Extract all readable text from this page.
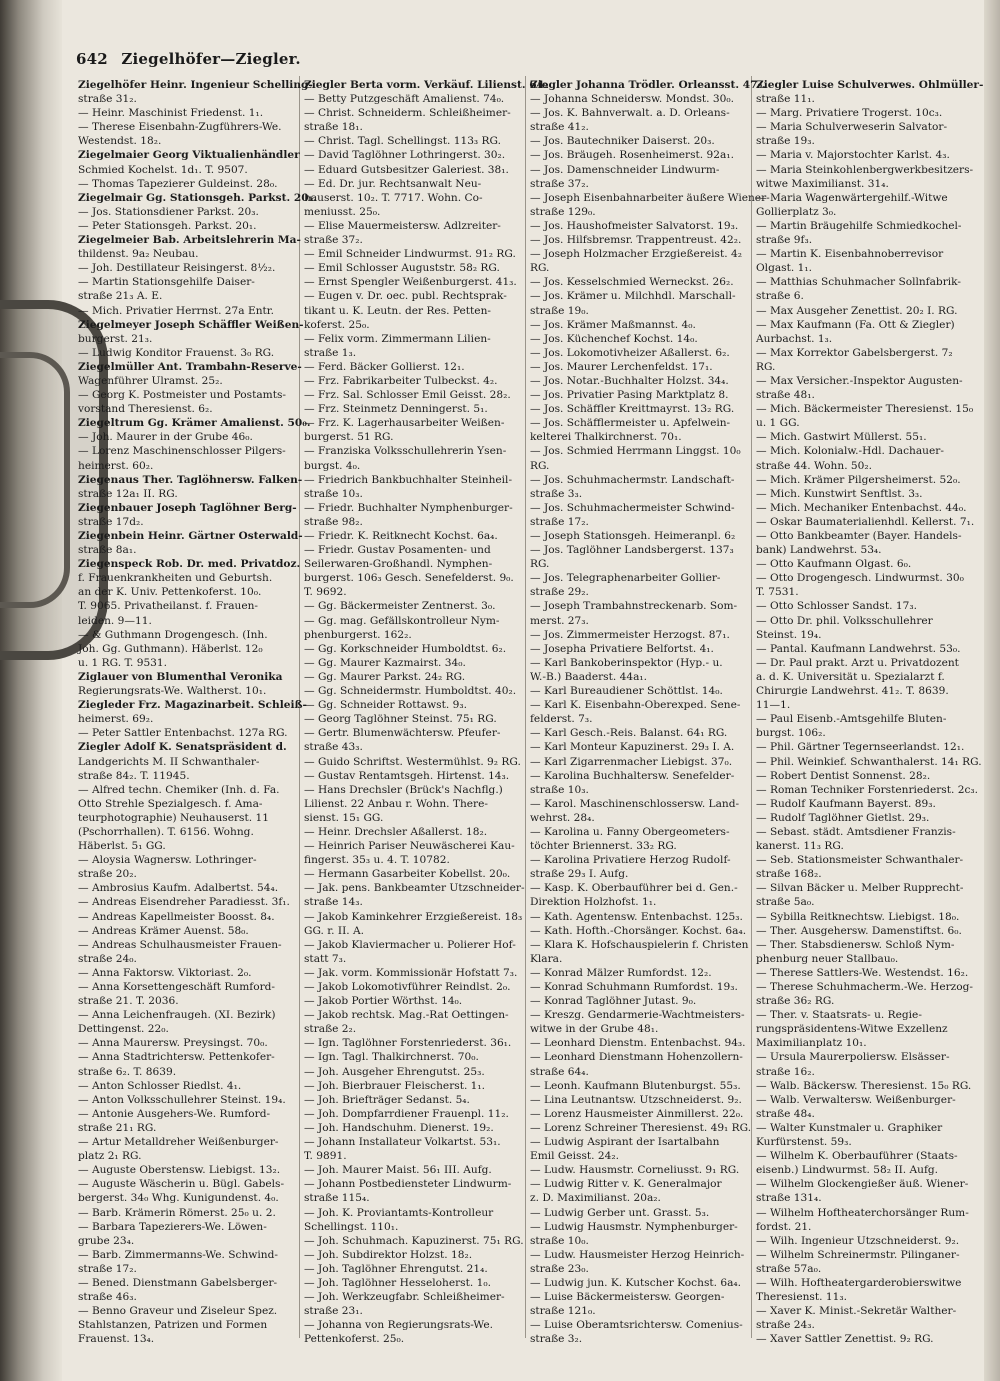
642 Ziegelhöfer—Ziegler.
Ziegelhöfer Heinr. Ingenieur Schelling-
straße 31₂.
— Heinr. Maschinist Friedenst. 1₁.
— Therese Eisenbahn-Zugführers-We.
Westendst. 18₂.
Ziegelmaier Georg Viktualienhändler
Schmied Kochelst. 1d₁. T. 9507.
— Thomas Tapezierer Guldeinst. 28₀.
Ziegelmair Gg. Stationsgeh. Parkst. 20₁.
— Jos. Stationsdiener Parkst. 20₃.
— Peter Stationsgeh. Parkst. 20₁.
Ziegelmeier Bab. Arbeitslehrerin Ma-
thildenst. 9a₂ Neubau.
— Joh. Destillateur Reisingerst. 8½₂.
— Martin Stationsgehilfe Daiser-
straße 21₃ A. E.
— Mich. Privatier Herrnst. 27a Entr.
Ziegelmeyer Joseph Schäffler Weißen-
burgerst. 21₃.
— Ludwig Konditor Frauenst. 3₀ RG.
Ziegelmüller Ant. Trambahn-Reserve-
Wagenführer Ulramst. 25₂.
— Georg K. Postmeister und Postamts-
vorstand Theresienst. 6₂.
Ziegeltrum Gg. Krämer Amalienst. 50₀.
— Joh. Maurer in der Grube 46₀.
— Lorenz Maschinenschlosser Pilgers-
heimerst. 60₂.
Ziegenaus Ther. Taglöhnersw. Falken-
straße 12a₁ II. RG.
Ziegenbauer Joseph Taglöhner Berg-
straße 17d₂.
Ziegenbein Heinr. Gärtner Osterwald-
straße 8a₁.
Ziegenspeck Rob. Dr. med. Privatdoz.
f. Frauenkrankheiten und Geburtsh.
an der K. Univ. Pettenkoferst. 10₀.
T. 9065. Privatheilanst. f. Frauen-
leiden. 9—11.
— & Guthmann Drogengesch. (Inh.
Joh. Gg. Guthmann). Häberlst. 12₀
u. 1 RG. T. 9531.
Ziglauer von Blumenthal Veronika
Regierungsrats-We. Waltherst. 10₁.
Ziegleder Frz. Magazinarbeit. Schleiß-
heimerst. 69₂.
— Peter Sattler Entenbachst. 127a RG.
Ziegler Adolf K. Senatspräsident d.
Landgerichts M. II Schwanthaler-
straße 84₂. T. 11945.
— Alfred techn. Chemiker (Inh. d. Fa.
Otto Strehle Spezialgesch. f. Ama-
teurphotographie) Neuhauserst. 11
(Pschorrhallen). T. 6156. Wohng.
Häberlst. 5₁ GG.
— Aloysia Wagnersw. Lothringer-
straße 20₂.
— Ambrosius Kaufm. Adalbertst. 54₄.
— Andreas Eisendreher Paradiesst. 3f₁.
— Andreas Kapellmeister Boosst. 8₄.
— Andreas Krämer Auenst. 58₀.
— Andreas Schulhausmeister Frauen-
straße 24₀.
— Anna Faktorsw. Viktoriast. 2₀.
— Anna Korsettengeschäft Rumford-
straße 21. T. 2036.
— Anna Leichenfraugeh. (XI. Bezirk)
Dettingenst. 22₀.
— Anna Maurersw. Preysingst. 70₀.
— Anna Stadtrichtersw. Pettenkofer-
straße 6₂. T. 8639.
— Anton Schlosser Riedlst. 4₁.
— Anton Volksschullehrer Steinst. 19₄.
— Antonie Ausgehers-We. Rumford-
straße 21₁ RG.
— Artur Metalldreher Weißenburger-
platz 2₁ RG.
— Auguste Oberstensw. Liebigst. 13₂.
— Auguste Wäscherin u. Bügl. Gabels-
bergerst. 34₀ Whg. Kunigundenst. 4₀.
— Barb. Krämerin Römerst. 25₀ u. 2.
— Barbara Tapezierers-We. Löwen-
grube 23₄.
— Barb. Zimmermanns-We. Schwind-
straße 17₂.
— Bened. Dienstmann Gabelsberger-
straße 46₃.
— Benno Graveur und Ziseleur Spez.
Stahlstanzen, Patrizen und Formen
Frauenst. 13₄.
Ziegler Berta vorm. Verkäuf. Lilienst. 64₂
— Betty Putzgeschäft Amalienst. 74₀.
— Christ. Schneiderm. Schleißheimer-
straße 18₁.
— Christ. Tagl. Schellingst. 113₃ RG.
— David Taglöhner Lothringerst. 30₂.
— Eduard Gutsbesitzer Galeriest. 38₁.
— Ed. Dr. jur. Rechtsanwalt Neu-
hauserst. 10₂. T. 7717. Wohn. Co-
meniusst. 25₀.
— Elise Mauermeistersw. Adlzreiter-
straße 37₂.
— Emil Schneider Lindwurmst. 91₂ RG.
— Emil Schlosser Auguststr. 58₂ RG.
— Ernst Spengler Weißenburgerst. 41₃.
— Eugen v. Dr. oec. publ. Rechtsprak-
tikant u. K. Leutn. der Res. Petten-
koferst. 25₀.
— Felix vorm. Zimmermann Lilien-
straße 1₃.
— Ferd. Bäcker Gollierst. 12₁.
— Frz. Fabrikarbeiter Tulbeckst. 4₂.
— Frz. Sal. Schlosser Emil Geisst. 28₂.
— Frz. Steinmetz Denningerst. 5₁.
— Frz. K. Lagerhausarbeiter Weißen-
burgerst. 51 RG.
— Franziska Volksschullehrerin Ysen-
burgst. 4₀.
— Friedrich Bankbuchhalter Steinheil-
straße 10₃.
— Friedr. Buchhalter Nymphenburger-
straße 98₂.
— Friedr. K. Reitknecht Kochst. 6a₄.
— Friedr. Gustav Posamenten- und
Seilerwaren-Großhandl. Nymphen-
burgerst. 106₃ Gesch. Senefelderst. 9₀.
T. 9692.
— Gg. Bäckermeister Zentnerst. 3₀.
— Gg. mag. Gefällskontrolleur Nym-
phenburgerst. 162₂.
— Gg. Korkschneider Humboldtst. 6₂.
— Gg. Maurer Kazmairst. 34₀.
— Gg. Maurer Parkst. 24₂ RG.
— Gg. Schneidermstr. Humboldtst. 40₂.
— Gg. Schneider Rottawst. 9₃.
— Georg Taglöhner Steinst. 75₁ RG.
— Gertr. Blumenwächtersw. Pfeufer-
straße 43₃.
— Guido Schriftst. Westermühlst. 9₂ RG.
— Gustav Rentamtsgeh. Hirtenst. 14₃.
— Hans Drechsler (Brück's Nachflg.)
Lilienst. 22 Anbau r. Wohn. There-
sienst. 15₁ GG.
— Heinr. Drechsler Aßallerst. 18₂.
— Heinrich Pariser Neuwäscherei Kau-
fingerst. 35₃ u. 4. T. 10782.
— Hermann Gasarbeiter Kobellst. 20₀.
— Jak. pens. Bankbeamter Utzschneider-
straße 14₃.
— Jakob Kaminkehrer Erzgießereist. 18₃
GG. r. II. A.
— Jakob Klaviermacher u. Polierer Hof-
statt 7₃.
— Jak. vorm. Kommissionär Hofstatt 7₃.
— Jakob Lokomotivführer Reindlst. 2₀.
— Jakob Portier Wörthst. 14₀.
— Jakob rechtsk. Mag.-Rat Oettingen-
straße 2₂.
— Ign. Taglöhner Forstenriederst. 36₁.
— Ign. Tagl. Thalkirchnerst. 70₀.
— Joh. Ausgeher Ehrengutst. 25₃.
— Joh. Bierbrauer Fleischerst. 1₁.
— Joh. Briefträger Sedanst. 5₄.
— Joh. Dompfarrdiener Frauenpl. 11₂.
— Joh. Handschuhm. Dienerst. 19₂.
— Johann Installateur Volkartst. 53₁.
T. 9891.
— Joh. Maurer Maist. 56₁ III. Aufg.
— Johann Postbediensteter Lindwurm-
straße 115₄.
— Joh. K. Proviantamts-Kontrolleur
Schellingst. 110₁.
— Joh. Schuhmach. Kapuzinerst. 75₁ RG.
— Joh. Subdirektor Holzst. 18₂.
— Joh. Taglöhner Ehrengutst. 21₄.
— Joh. Taglöhner Hesseloherst. 1₀.
— Joh. Werkzeugfabr. Schleißheimer-
straße 23₁.
— Johanna von Regierungsrats-We.
Pettenkoferst. 25₀.
Ziegler Johanna Trödler. Orleansst. 47₀.
— Johanna Schneidersw. Mondst. 30₀.
— Jos. K. Bahnverwalt. a. D. Orleans-
straße 41₂.
— Jos. Bautechniker Daiserst. 20₃.
— Jos. Bräugeh. Rosenheimerst. 92a₁.
— Jos. Damenschneider Lindwurm-
straße 37₂.
— Joseph Eisenbahnarbeiter äußere Wiener-
straße 129₀.
— Jos. Haushofmeister Salvatorst. 19₃.
— Jos. Hilfsbremsr. Trappentreust. 42₂.
— Joseph Holzmacher Erzgießereist. 4₂
RG.
— Jos. Kesselschmied Werneckst. 26₂.
— Jos. Krämer u. Milchhdl. Marschall-
straße 19₀.
— Jos. Krämer Maßmannst. 4₀.
— Jos. Küchenchef Kochst. 14₀.
— Jos. Lokomotivheizer Aßallerst. 6₂.
— Jos. Maurer Lerchenfeldst. 17₁.
— Jos. Notar.-Buchhalter Holzst. 34₄.
— Jos. Privatier Pasing Marktplatz 8.
— Jos. Schäffler Kreittmayrst. 13₂ RG.
— Jos. Schäfflermeister u. Apfelwein-
kelterei Thalkirchnerst. 70₁.
— Jos. Schmied Herrmann Linggst. 10₀
RG.
— Jos. Schuhmachermstr. Landschaft-
straße 3₃.
— Jos. Schuhmachermeister Schwind-
straße 17₂.
— Joseph Stationsgeh. Heimeranpl. 6₂
— Jos. Taglöhner Landsbergerst. 137₃
RG.
— Jos. Telegraphenarbeiter Gollier-
straße 29₂.
— Joseph Trambahnstreckenarb. Som-
merst. 27₃.
— Jos. Zimmermeister Herzogst. 87₁.
— Josepha Privatiere Belfortst. 4₁.
— Karl Bankoberinspektor (Hyp.- u.
W.-B.) Baaderst. 44a₁.
— Karl Bureaudiener Schöttlst. 14₀.
— Karl K. Eisenbahn-Oberexped. Sene-
felderst. 7₃.
— Karl Gesch.-Reis. Balanst. 64₁ RG.
— Karl Monteur Kapuzinerst. 29₃ I. A.
— Karl Zigarrenmacher Liebigst. 37₀.
— Karolina Buchhaltersw. Senefelder-
straße 10₃.
— Karol. Maschinenschlossersw. Land-
wehrst. 28₄.
— Karolina u. Fanny Obergeometers-
töchter Briennerst. 33₂ RG.
— Karolina Privatiere Herzog Rudolf-
straße 29₃ I. Aufg.
— Kasp. K. Oberbauführer bei d. Gen.-
Direktion Holzhofst. 1₁.
— Kath. Agentensw. Entenbachst. 125₃.
— Kath. Hofth.-Chorsänger. Kochst. 6a₄.
— Klara K. Hofschauspielerin f. Christen
Klara.
— Konrad Mälzer Rumfordst. 12₂.
— Konrad Schuhmann Rumfordst. 19₃.
— Konrad Taglöhner Jutast. 9₀.
— Kreszg. Gendarmerie-Wachtmeisters-
witwe in der Grube 48₁.
— Leonhard Dienstm. Entenbachst. 94₃.
— Leonhard Dienstmann Hohenzollern-
straße 64₄.
— Leonh. Kaufmann Blutenburgst. 55₃.
— Lina Leutnantsw. Utzschneiderst. 9₂.
— Lorenz Hausmeister Ainmillerst. 22₀.
— Lorenz Schreiner Theresienst. 49₁ RG.
— Ludwig Aspirant der Isartalbahn
Emil Geisst. 24₂.
— Ludw. Hausmstr. Corneliusst. 9₁ RG.
— Ludwig Ritter v. K. Generalmajor
z. D. Maximilianst. 20a₂.
— Ludwig Gerber unt. Grasst. 5₃.
— Ludwig Hausmstr. Nymphenburger-
straße 10₀.
— Ludw. Hausmeister Herzog Heinrich-
straße 23₀.
— Ludwig jun. K. Kutscher Kochst. 6a₄.
— Luise Bäckermeistersw. Georgen-
straße 121₀.
— Luise Oberamtsrichtersw. Comenius-
straße 3₂.
Ziegler Luise Schulverwes. Ohlmüller-
straße 11₁.
— Marg. Privatiere Trogerst. 10c₃.
— Maria Schulverweserin Salvator-
straße 19₃.
— Maria v. Majorstochter Karlst. 4₃.
— Maria Steinkohlenbergwerkbesitzers-
witwe Maximilianst. 31₄.
— Maria Wagenwärtergehilf.-Witwe
Gollierplatz 3₀.
— Martin Bräugehilfe Schmiedkochel-
straße 9f₃.
— Martin K. Eisenbahnoberrevisor
Olgast. 1₁.
— Matthias Schuhmacher Sollnfabrik-
straße 6.
— Max Ausgeher Zenettist. 20₂ I. RG.
— Max Kaufmann (Fa. Ott & Ziegler)
Aurbachst. 1₃.
— Max Korrektor Gabelsbergerst. 7₂
RG.
— Max Versicher.-Inspektor Augusten-
straße 48₁.
— Mich. Bäckermeister Theresienst. 15₀
u. 1 GG.
— Mich. Gastwirt Müllerst. 55₁.
— Mich. Kolonialw.-Hdl. Dachauer-
straße 44. Wohn. 50₂.
— Mich. Krämer Pilgersheimerst. 52₀.
— Mich. Kunstwirt Senftlst. 3₃.
— Mich. Mechaniker Entenbachst. 44₀.
— Oskar Baumaterialienhdl. Kellerst. 7₁.
— Otto Bankbeamter (Bayer. Handels-
bank) Landwehrst. 53₄.
— Otto Kaufmann Olgast. 6₀.
— Otto Drogengesch. Lindwurmst. 30₀
T. 7531.
— Otto Schlosser Sandst. 17₃.
— Otto Dr. phil. Volksschullehrer
Steinst. 19₄.
— Pantal. Kaufmann Landwehrst. 53₀.
— Dr. Paul prakt. Arzt u. Privatdozent
a. d. K. Universität u. Spezialarzt f.
Chirurgie Landwehrst. 41₂. T. 8639.
11—1.
— Paul Eisenb.-Amtsgehilfe Bluten-
burgst. 106₂.
— Phil. Gärtner Tegernseerlandst. 12₁.
— Phil. Weinkief. Schwanthalerst. 14₁ RG.
— Robert Dentist Sonnenst. 28₂.
— Roman Techniker Forstenriederst. 2c₃.
— Rudolf Kaufmann Bayerst. 89₃.
— Rudolf Taglöhner Gietlst. 29₃.
— Sebast. städt. Amtsdiener Franzis-
kanerst. 11₃ RG.
— Seb. Stationsmeister Schwanthaler-
straße 168₂.
— Silvan Bäcker u. Melber Rupprecht-
straße 5a₀.
— Sybilla Reitknechtsw. Liebigst. 18₀.
— Ther. Ausgehersw. Damenstiftst. 6₀.
— Ther. Stabsdienersw. Schloß Nym-
phenburg neuer Stallbau₀.
— Therese Sattlers-We. Westendst. 16₂.
— Therese Schuhmacherm.-We. Herzog-
straße 36₂ RG.
— Ther. v. Staatsrats- u. Regie-
rungspräsidentens-Witwe Exzellenz
Maximilianplatz 10₁.
— Ursula Maurerpoliersw. Elsässer-
straße 16₂.
— Walb. Bäckersw. Theresienst. 15₀ RG.
— Walb. Verwaltersw. Weißenburger-
straße 48₄.
— Walter Kunstmaler u. Graphiker
Kurfürstenst. 59₃.
— Wilhelm K. Oberbauführer (Staats-
eisenb.) Lindwurmst. 58₂ II. Aufg.
— Wilhelm Glockengießer äuß. Wiener-
straße 131₄.
— Wilhelm Hoftheaterchorsänger Rum-
fordst. 21.
— Wilh. Ingenieur Utzschneiderst. 9₂.
— Wilhelm Schreinermstr. Pilinganer-
straße 57a₀.
— Wilh. Hoftheatergarderobierswitwe
Theresienst. 11₃.
— Xaver K. Minist.-Sekretär Walther-
straße 24₃.
— Xaver Sattler Zenettist. 9₂ RG.
